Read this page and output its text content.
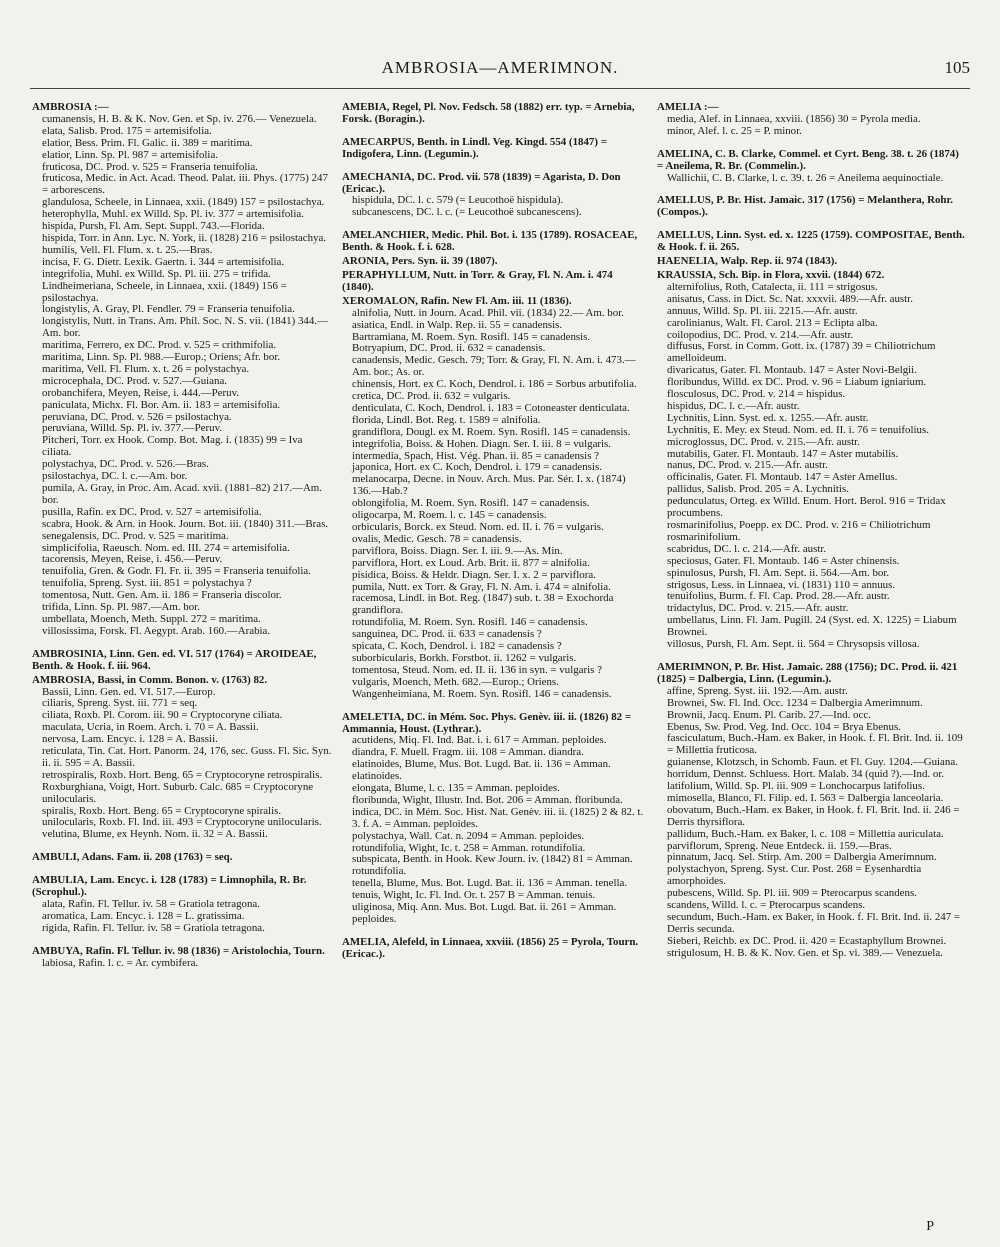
AMBROSIA—AMERIMNON.	105
AMBROSIA :—
cumanensis, H. B. & K. Nov. Gen. et Sp. iv. 276.— Venezuela.
elata, Salisb. Prod. 175 = artemisifolia.
elatior, Bess. Prim. Fl. Galic. ii. 389 = maritima.
elatior, Linn. Sp. Pl. 987 = artemisifolia.
fruticosa, DC. Prod. v. 525 = Franseria tenuifolia.
fruticosa, Medic. in Act. Acad. Theod. Palat. iii. Phys. (1775) 247 = arborescens.
glandulosa, Scheele, in Linnaea, xxii. (1849) 157 = psilostachya.
heterophylla, Muhl. ex Willd. Sp. Pl. iv. 377 = artemisifolia.
hispida, Pursh, Fl. Am. Sept. Suppl. 743.—Florida.
hispida, Torr. in Ann. Lyc. N. York, ii. (1828) 216 = psilostachya.
humilis, Vell. Fl. Flum. x. t. 25.—Bras.
incisa, F. G. Dietr. Lexik. Gaertn. i. 344 = artemisifolia.
integrifolia, Muhl. ex Willd. Sp. Pl. iii. 275 = trifida.
Lindheimeriana, Scheele, in Linnaea, xxii. (1849) 156 = psilostachya.
longistylis, A. Gray, Pl. Fendler. 79 = Franseria tenuifolia.
longistylis, Nutt. in Trans. Am. Phil. Soc. N. S. vii. (1841) 344.—Am. bor.
maritima, Ferrero, ex DC. Prod. v. 525 = crithmifolia.
maritima, Linn. Sp. Pl. 988.—Europ.; Oriens; Afr. bor.
maritima, Vell. Fl. Flum. x. t. 26 = polystachya.
microcephala, DC. Prod. v. 527.—Guiana.
orobanchifera, Meyen, Reise, i. 444.—Peruv.
paniculata, Michx. Fl. Bor. Am. ii. 183 = artemisifolia.
peruviana, DC. Prod. v. 526 = psilostachya.
peruviana, Willd. Sp. Pl. iv. 377.—Peruv.
Pitcheri, Torr. ex Hook. Comp. Bot. Mag. i. (1835) 99 = Iva ciliata.
polystachya, DC. Prod. v. 526.—Bras.
psilostachya, DC. l. c.—Am. bor.
pumila, A. Gray, in Proc. Am. Acad. xvii. (1881–82) 217.—Am. bor.
pusilla, Rafin. ex DC. Prod. v. 527 = artemisifolia.
scabra, Hook. & Arn. in Hook. Journ. Bot. iii. (1840) 311.—Bras.
senegalensis, DC. Prod. v. 525 = maritima.
simplicifolia, Raeusch. Nom. ed. III. 274 = artemisifolia.
tacorensis, Meyen, Reise, i. 456.—Peruv.
tenuifolia, Gren. & Godr. Fl. Fr. ii. 395 = Franseria tenuifolia.
tenuifolia, Spreng. Syst. iii. 851 = polystachya ?
tomentosa, Nutt. Gen. Am. ii. 186 = Franseria discolor.
trifida, Linn. Sp. Pl. 987.—Am. bor.
umbellata, Moench, Meth. Suppl. 272 = maritima.
villosissima, Forsk. Fl. Aegypt. Arab. 160.—Arabia.
AMBROSINIA, Linn. Gen. ed. VI. 517 (1764) = AROIDEAE, Benth. & Hook. f. iii. 964.
AMBROSIA, Bassi, in Comm. Bonon. v. (1763) 82.
Bassii, Linn. Gen. ed. VI. 517.—Europ.
ciliaris, Spreng. Syst. iii. 771 = seq.
ciliata, Roxb. Pl. Corom. iii. 90 = Cryptocoryne ciliata.
maculata, Ucria, in Roem. Arch. i. 70 = A. Bassii.
nervosa, Lam. Encyc. i. 128 = A. Bassii.
reticulata, Tin. Cat. Hort. Panorm. 24, 176, sec. Guss. Fl. Sic. Syn. ii. ii. 595 = A. Bassii.
retrospiralis, Roxb. Hort. Beng. 65 = Cryptocoryne retrospiralis.
Roxburghiana, Voigt, Hort. Suburb. Calc. 685 = Cryptocoryne unilocularis.
spiralis, Roxb. Hort. Beng. 65 = Cryptocoryne spiralis.
unilocularis, Roxb. Fl. Ind. iii. 493 = Cryptocoryne unilocularis.
velutina, Blume, ex Heynh. Nom. ii. 32 = A. Bassii.
AMBULI, Adans. Fam. ii. 208 (1763) = seq.
AMBULIA, Lam. Encyc. i. 128 (1783) = Limnophila, R. Br. (Scrophul.).
alata, Rafin. Fl. Tellur. iv. 58 = Gratiola tetragona.
aromatica, Lam. Encyc. i. 128 = L. gratissima.
rigida, Rafin. Fl. Tellur. iv. 58 = Gratiola tetragona.
AMBUYA, Rafin. Fl. Tellur. iv. 98 (1836) = Aristolochia, Tourn.
labiosa, Rafin. l. c. = Ar. cymbifera.
AMEBIA, Regel, Pl. Nov. Fedsch. 58 (1882) err. typ. = Arnebia, Forsk. (Boragin.).
AMECARPUS, Benth. in Lindl. Veg. Kingd. 554 (1847) = Indigofera, Linn. (Legumin.).
AMECHANIA, DC. Prod. vii. 578 (1839) = Agarista, D. Don (Ericac.).
hispidula, DC. l. c. 579 (= Leucothoë hispidula).
subcanescens, DC. l. c. (= Leucothoë subcanescens).
AMELANCHIER, Medic. Phil. Bot. i. 135 (1789). ROSACEAE, Benth. & Hook. f. i. 628.
ARONIA, Pers. Syn. ii. 39 (1807).
PERAPHYLLUM, Nutt. in Torr. & Gray, Fl. N. Am. i. 474 (1840).
XEROMALON, Rafin. New Fl. Am. iii. 11 (1836).
alnifolia, Nutt. in Journ. Acad. Phil. vii. (1834) 22.— Am. bor.
asiatica, Endl. in Walp. Rep. ii. 55 = canadensis.
Bartramiana, M. Roem. Syn. Rosifl. 145 = canadensis.
Botryapium, DC. Prod. ii. 632 = canadensis.
canadensis, Medic. Gesch. 79; Torr. & Gray, Fl. N. Am. i. 473.—Am. bor.; As. or.
chinensis, Hort. ex C. Koch, Dendrol. i. 186 = Sorbus arbutifolia.
cretica, DC. Prod. ii. 632 = vulgaris.
denticulata, C. Koch, Dendrol. i. 183 = Cotoneaster denticulata.
florida, Lindl. Bot. Reg. t. 1589 = alnifolia.
grandiflora, Dougl. ex M. Roem. Syn. Rosifl. 145 = canadensis.
integrifolia, Boiss. & Hohen. Diagn. Ser. I. iii. 8 = vulgaris.
intermedia, Spach, Hist. Vég. Phan. ii. 85 = canadensis ?
japonica, Hort. ex C. Koch, Dendrol. i. 179 = canadensis.
melanocarpa, Decne. in Nouv. Arch. Mus. Par. Sér. I. x. (1874) 136.—Hab.?
oblongifolia, M. Roem. Syn. Rosifl. 147 = canadensis.
oligocarpa, M. Roem. l. c. 145 = canadensis.
orbicularis, Borck. ex Steud. Nom. ed. II. i. 76 = vulgaris.
ovalis, Medic. Gesch. 78 = canadensis.
parviflora, Boiss. Diagn. Ser. I. iii. 9.—As. Min.
parviflora, Hort. ex Loud. Arb. Brit. ii. 877 = alnifolia.
pisidica, Boiss. & Heldr. Diagn. Ser. I. x. 2 = parviflora.
pumila, Nutt. ex Torr. & Gray, Fl. N. Am. i. 474 = alnifolia.
racemosa, Lindl. in Bot. Reg. (1847) sub. t. 38 = Exochorda grandiflora.
rotundifolia, M. Roem. Syn. Rosifl. 146 = canadensis.
sanguinea, DC. Prod. ii. 633 = canadensis ?
spicata, C. Koch, Dendrol. i. 182 = canadensis ?
suborbicularis, Borkh. Forstbot. ii. 1262 = vulgaris.
tomentosa, Steud. Nom. ed. II. ii. 136 in syn. = vulgaris ?
vulgaris, Moench, Meth. 682.—Europ.; Oriens.
Wangenheimiana, M. Roem. Syn. Rosifl. 146 = canadensis.
AMELETIA, DC. in Mém. Soc. Phys. Genèv. iii. ii. (1826) 82 = Ammannia, Houst. (Lythrar.).
acutidens, Miq. Fl. Ind. Bat. i. i. 617 = Amman. peploides.
diandra, F. Muell. Fragm. iii. 108 = Amman. diandra.
elatinoides, Blume, Mus. Bot. Lugd. Bat. ii. 136 = Amman. elatinoides.
elongata, Blume, l. c. 135 = Amman. peploides.
floribunda, Wight, Illustr. Ind. Bot. 206 = Amman. floribunda.
indica, DC. in Mém. Soc. Hist. Nat. Genèv. iii. ii. (1825) 2 & 82. t. 3. f. A. = Amman. peploides.
polystachya, Wall. Cat. n. 2094 = Amman. peploides.
rotundifolia, Wight, Ic. t. 258 = Amman. rotundifolia.
subspicata, Benth. in Hook. Kew Journ. iv. (1842) 81 = Amman. rotundifolia.
tenella, Blume, Mus. Bot. Lugd. Bat. ii. 136 = Amman. tenella.
tenuis, Wight, Ic. Fl. Ind. Or. t. 257 B = Amman. tenuis.
uliginosa, Miq. Ann. Mus. Bot. Lugd. Bat. ii. 261 = Amman. peploides.
AMELIA, Alefeld, in Linnaea, xxviii. (1856) 25 = Pyrola, Tourn. (Ericac.).
AMELIA :—
media, Alef. in Linnaea, xxviii. (1856) 30 = Pyrola media.
minor, Alef. l. c. 25 = P. minor.
AMELINA, C. B. Clarke, Commel. et Cyrt. Beng. 38. t. 26 (1874) = Aneilema, R. Br. (Commelin.).
Wallichii, C. B. Clarke, l. c. 39. t. 26 = Aneilema aequinoctiale.
AMELLUS, P. Br. Hist. Jamaic. 317 (1756) = Melanthera, Rohr. (Compos.).
AMELLUS, Linn. Syst. ed. x. 1225 (1759). COMPOSITAE, Benth. & Hook. f. ii. 265.
HAENELIA, Walp. Rep. ii. 974 (1843).
KRAUSSIA, Sch. Bip. in Flora, xxvii. (1844) 672.
alternifolius, Roth, Catalecta, ii. 111 = strigosus.
anisatus, Cass. in Dict. Sc. Nat. xxxvii. 489.—Afr. austr.
annuus, Willd. Sp. Pl. iii. 2215.—Afr. austr.
carolinianus, Walt. Fl. Carol. 213 = Eclipta alba.
coilopodius, DC. Prod. v. 214.—Afr. austr.
diffusus, Forst. in Comm. Gott. ix. (1787) 39 = Chiliotrichum amelloideum.
divaricatus, Gater. Fl. Montaub. 147 = Aster Novi-Belgii.
floribundus, Willd. ex DC. Prod. v. 96 = Liabum igniarium.
flosculosus, DC. Prod. v. 214 = hispidus.
hispidus, DC. l. c.—Afr. austr.
Lychnitis, Linn. Syst. ed. x. 1255.—Afr. austr.
Lychnitis, E. Mey. ex Steud. Nom. ed. II. i. 76 = tenuifolius.
microglossus, DC. Prod. v. 215.—Afr. austr.
mutabilis, Gater. Fl. Montaub. 147 = Aster mutabilis.
nanus, DC. Prod. v. 215.—Afr. austr.
officinalis, Gater. Fl. Montaub. 147 = Aster Amellus.
pallidus, Salisb. Prod. 205 = A. Lychnitis.
pedunculatus, Orteg. ex Willd. Enum. Hort. Berol. 916 = Tridax procumbens.
rosmarinifolius, Poepp. ex DC. Prod. v. 216 = Chiliotrichum rosmarinifolium.
scabridus, DC. l. c. 214.—Afr. austr.
speciosus, Gater. Fl. Montaub. 146 = Aster chinensis.
spinulosus, Pursh, Fl. Am. Sept. ii. 564.—Am. bor.
strigosus, Less. in Linnaea, vi. (1831) 110 = annuus.
tenuifolius, Burm. f. Fl. Cap. Prod. 28.—Afr. austr.
tridactylus, DC. Prod. v. 215.—Afr. austr.
umbellatus, Linn. Fl. Jam. Pugill. 24 (Syst. ed. X. 1225) = Liabum Brownei.
villosus, Pursh, Fl. Am. Sept. ii. 564 = Chrysopsis villosa.
AMERIMNON, P. Br. Hist. Jamaic. 288 (1756); DC. Prod. ii. 421 (1825) = Dalbergia, Linn. (Legumin.).
affine, Spreng. Syst. iii. 192.—Am. austr.
Brownei, Sw. Fl. Ind. Occ. 1234 = Dalbergia Amerimnum.
Brownii, Jacq. Enum. Pl. Carib. 27.—Ind. occ.
Ebenus, Sw. Prod. Veg. Ind. Occ. 104 = Brya Ebenus.
fasciculatum, Buch.-Ham. ex Baker, in Hook. f. Fl. Brit. Ind. ii. 109 = Millettia fruticosa.
guianense, Klotzsch, in Schomb. Faun. et Fl. Guy. 1204.—Guiana.
horridum, Dennst. Schluess. Hort. Malab. 34 (quid ?).—Ind. or.
latifolium, Willd. Sp. Pl. iii. 909 = Lonchocarpus latifolius.
mimosella, Blanco, Fl. Filip. ed. I. 563 = Dalbergia lanceolaria.
obovatum, Buch.-Ham. ex Baker, in Hook. f. Fl. Brit. Ind. ii. 246 = Derris thyrsiflora.
pallidum, Buch.-Ham. ex Baker, l. c. 108 = Millettia auriculata.
parviflorum, Spreng. Neue Entdeck. ii. 159.—Bras.
pinnatum, Jacq. Sel. Stirp. Am. 200 = Dalbergia Amerimnum.
polystachyon, Spreng. Syst. Cur. Post. 268 = Eysenhardtia amorphoides.
pubescens, Willd. Sp. Pl. iii. 909 = Pterocarpus scandens.
scandens, Willd. l. c. = Pterocarpus scandens.
secundum, Buch.-Ham. ex Baker, in Hook. f. Fl. Brit. Ind. ii. 247 = Derris secunda.
Sieberi, Reichb. ex DC. Prod. ii. 420 = Ecastaphyllum Brownei.
strigulosum, H. B. & K. Nov. Gen. et Sp. vi. 389.— Venezuela.
P
